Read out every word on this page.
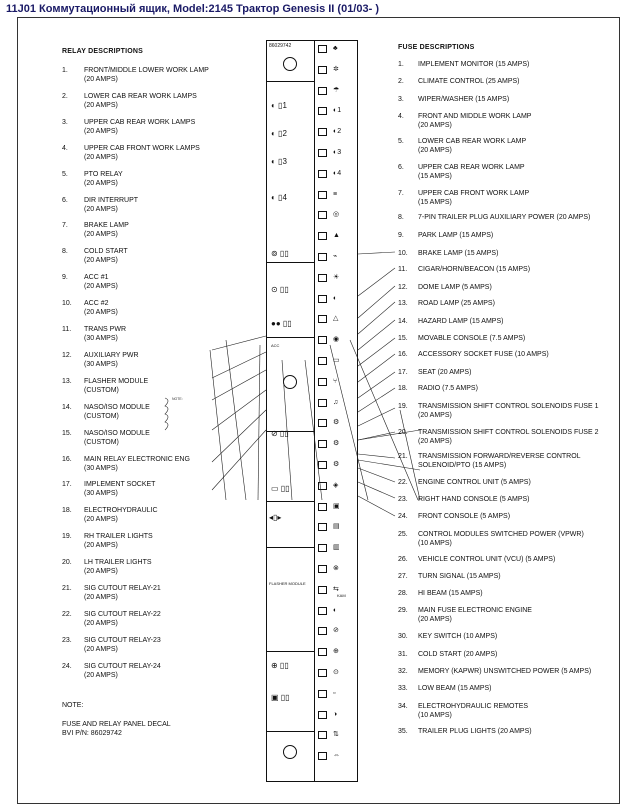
11J01 Коммутационный ящик, Model:2145 Трактор Genesis II (01/03- )
RELAY DESCRIPTIONS
FUSE DESCRIPTIONS
1. FRONT/MIDDLE LOWER WORK LAMP
(20 AMPS)
2. LOWER CAB REAR WORK LAMPS
(20 AMPS)
3. UPPER CAB REAR WORK LAMPS
(20 AMPS)
4. UPPER CAB FRONT WORK LAMPS
(20 AMPS)
5. PTO RELAY
(20 AMPS)
6. DIR INTERRUPT
(20 AMPS)
7. BRAKE LAMP
(20 AMPS)
8. COLD START
(20 AMPS)
9. ACC #1
(20 AMPS)
10. ACC #2
(20 AMPS)
11. TRANS PWR
(30 AMPS)
12. AUXILIARY PWR
(30 AMPS)
13. FLASHER MODULE
(CUSTOM)
14. NASO/ISO MODULE
(CUSTOM)
15. NASO/ISO MODULE
(CUSTOM)
16. MAIN RELAY ELECTRONIC ENG
(30 AMPS)
17. IMPLEMENT SOCKET
(30 AMPS)
18. ELECTROHYDRAULIC
(20 AMPS)
19. RH TRAILER LIGHTS
(20 AMPS)
20. LH TRAILER LIGHTS
(20 AMPS)
21. SIG CUTOUT RELAY-21
(20 AMPS)
22. SIG CUTOUT RELAY-22
(20 AMPS)
23. SIG CUTOUT RELAY-23
(20 AMPS)
24. SIG CUTOUT RELAY-24
(20 AMPS)
1. IMPLEMENT MONITOR (15 AMPS)
2. CLIMATE CONTROL (25 AMPS)
3. WIPER/WASHER (15 AMPS)
4. FRONT AND MIDDLE WORK LAMP
(20 AMPS)
5. LOWER CAB REAR WORK LAMP
(20 AMPS)
6. UPPER CAB REAR WORK LAMP
(15 AMPS)
7. UPPER CAB FRONT WORK LAMP
(15 AMPS)
8. 7-PIN TRAILER PLUG AUXILIARY POWER (20 AMPS)
9. PARK LAMP (15 AMPS)
10. BRAKE LAMP (15 AMPS)
11. CIGAR/HORN/BEACON (15 AMPS)
12. DOME LAMP (5 AMPS)
13. ROAD LAMP (25 AMPS)
14. HAZARD LAMP (15 AMPS)
15. MOVABLE CONSOLE (7.5 AMPS)
16. ACCESSORY SOCKET FUSE (10 AMPS)
17. SEAT (20 AMPS)
18. RADIO (7.5 AMPS)
19. TRANSMISSION SHIFT CONTROL SOLENOIDS FUSE 1
(20 AMPS)
20. TRANSMISSION SHIFT CONTROL SOLENOIDS FUSE 2
(20 AMPS)
21. TRANSMISSION FORWARD/REVERSE CONTROL
SOLENOID/PTO (15 AMPS)
22. ENGINE CONTROL UNIT (5 AMPS)
23. RIGHT HAND CONSOLE (5 AMPS)
24. FRONT CONSOLE (5 AMPS)
25. CONTROL MODULES SWITCHED POWER (VPWR)
(10 AMPS)
26. VEHICLE CONTROL UNIT (VCU) (5 AMPS)
27. TURN SIGNAL (15 AMPS)
28. HI BEAM (15 AMPS)
29. MAIN FUSE ELECTRONIC ENGINE
(20 AMPS)
30. KEY SWITCH (10 AMPS)
31. COLD START (20 AMPS)
32. MEMORY (KAPWR) UNSWITCHED POWER (5 AMPS)
33. LOW BEAM (15 AMPS)
34. ELECTROHYDRAULIC REMOTES
(10 AMPS)
35. TRAILER PLUG LIGHTS (20 AMPS)
NOTE:
FUSE AND RELAY PANEL DECAL
BVI P/N: 86029742
86029742
◐ ▯1
◐ ▯2
◐ ▯3
◐ ▯4
⊚ ▯▯
⊙ ▯▯
●● ▯▯
ACC
⊘ ▯▯
▭ ▯▯
◂▯▸
FLASHER MODULE
⊕ ▯▯
▣ ▯▯
♣
✲
☂
◐1
◐2
◐3
◐4
≡
◎
▲
⌁
☀
◐
△
◉
▭
⑂
♫
⚙
⚙
⚙
◈
▣
▤
▥
⊗
⇆
◐
⊘
⊕
⊙
▫
◑
⇅
⇔
KAM
NOTE:
